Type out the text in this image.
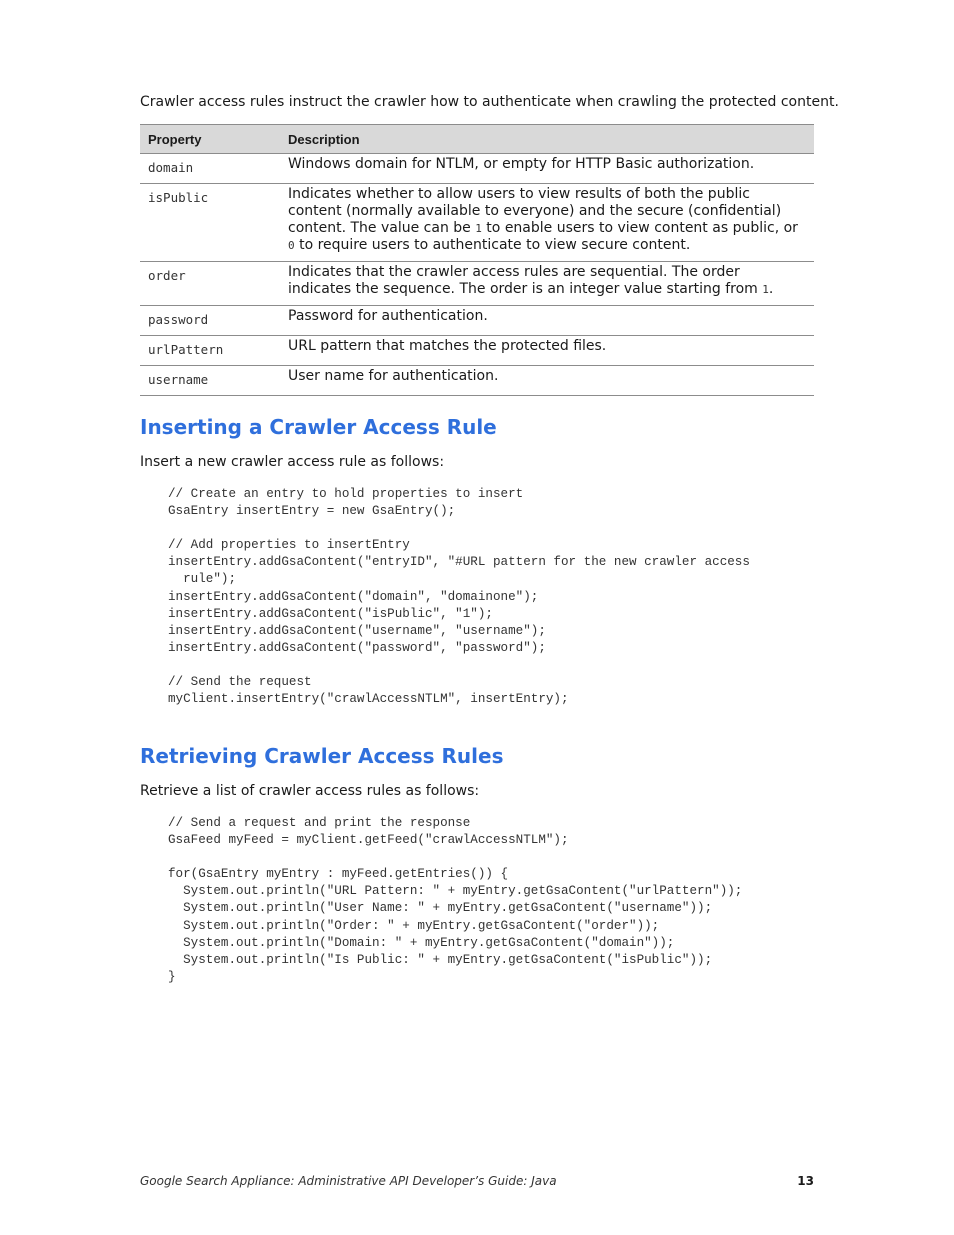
Crawler access rules instruct the crawler how to authenticate when crawling the protected content.

Property	Description
domain	Windows domain for NTLM, or empty for HTTP Basic authorization.
isPublic	Indicates whether to allow users to view results of both the public content (normally available to everyone) and the secure (confidential) content. The value can be 1 to enable users to view content as public, or 0 to require users to authenticate to view secure content.
order	Indicates that the crawler access rules are sequential. The order indicates the sequence. The order is an integer value starting from 1.
password	Password for authentication.
urlPattern	URL pattern that matches the protected files.
username	User name for authentication.
Inserting a Crawler Access Rule

Insert a new crawler access rule as follows:

// Create an entry to hold properties to insert
GsaEntry insertEntry = new GsaEntry();

// Add properties to insertEntry
insertEntry.addGsaContent("entryID", "#URL pattern for the new crawler access
rule");
insertEntry.addGsaContent("domain", "domainone");
insertEntry.addGsaContent("isPublic", "1");
insertEntry.addGsaContent("username", "username");
insertEntry.addGsaContent("password", "password");

// Send the request
myClient.insertEntry("crawlAccessNTLM", insertEntry);
Retrieving Crawler Access Rules

Retrieve a list of crawler access rules as follows:

// Send a request and print the response
GsaFeed myFeed = myClient.getFeed("crawlAccessNTLM");

for(GsaEntry myEntry : myFeed.getEntries()) {
System.out.println("URL Pattern: " + myEntry.getGsaContent("urlPattern"));
System.out.println("User Name: " + myEntry.getGsaContent("username"));
System.out.println("Order: " + myEntry.getGsaContent("order"));
System.out.println("Domain: " + myEntry.getGsaContent("domain"));
System.out.println("Is Public: " + myEntry.getGsaContent("isPublic"));
}
Google Search Appliance: Administrative API Developer’s Guide: Java	13
